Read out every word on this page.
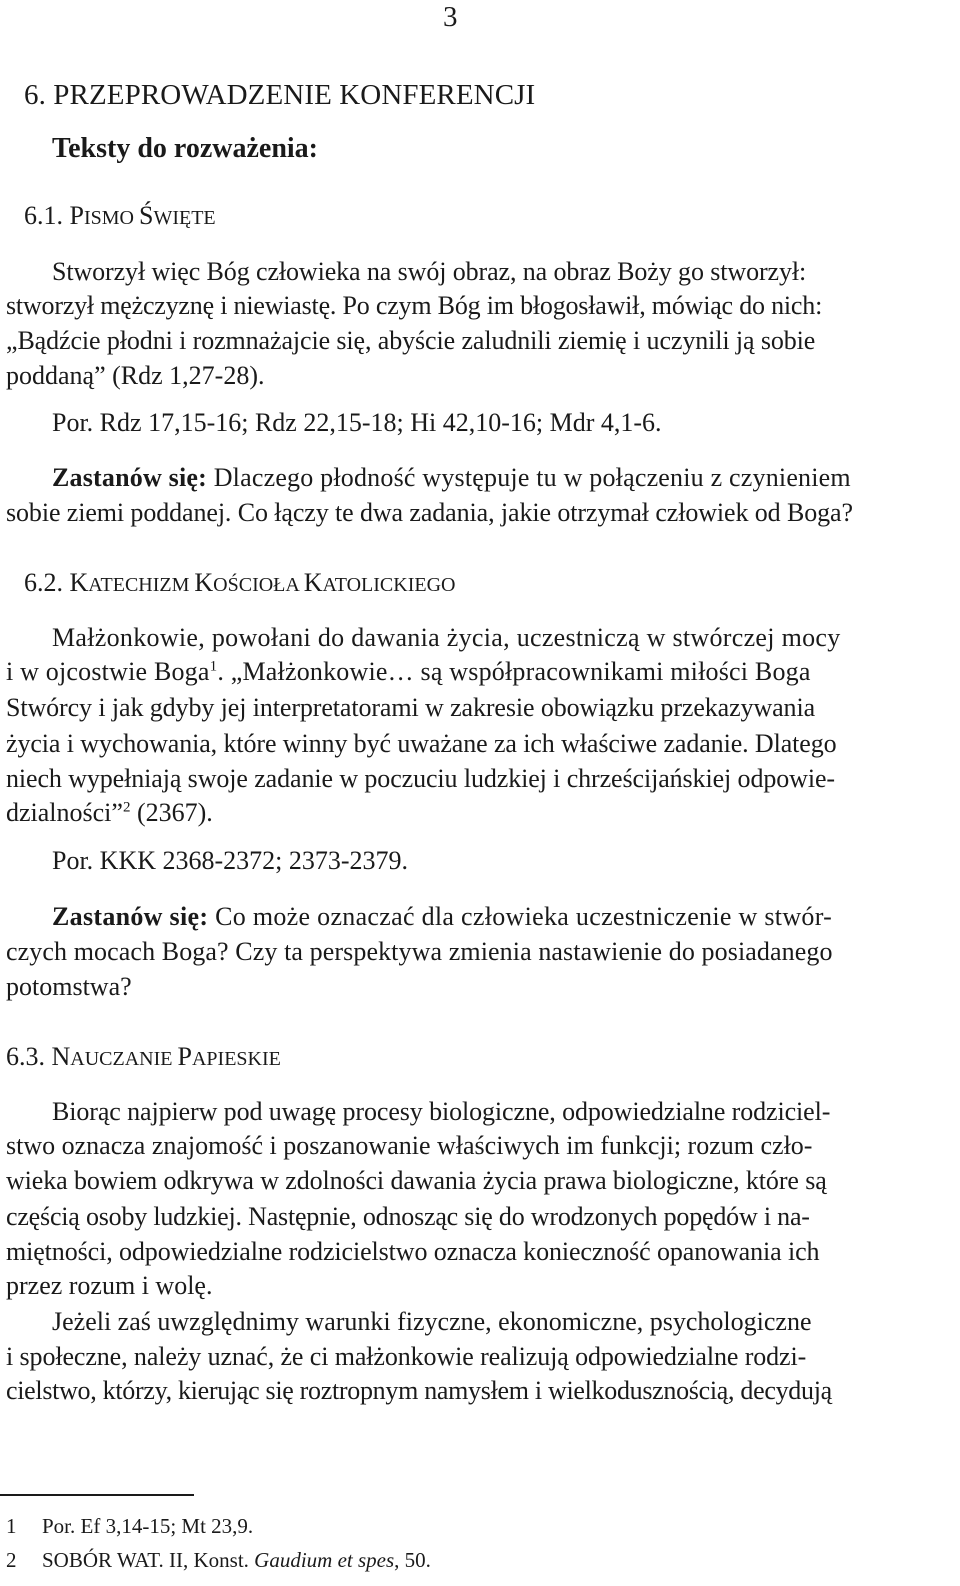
3
6. PRZEPROWADZENIE KONFERENCJI
Teksty do rozważenia:
6.1. PISMO ŚWIĘTE
Stworzył więc Bóg człowieka na swój obraz, na obraz Boży go stworzył:
stworzył mężczyznę i niewiastę. Po czym Bóg im błogosławił, mówiąc do nich:
„Bądźcie płodni i rozmnażajcie się, abyście zaludnili ziemię i uczynili ją sobie
poddaną” (Rdz 1,27-28).
Por. Rdz 17,15-16; Rdz 22,15-18; Hi 42,10-16; Mdr 4,1-6.
Zastanów się: Dlaczego płodność występuje tu w połączeniu z czynieniem
sobie ziemi poddanej. Co łączy te dwa zadania, jakie otrzymał człowiek od Boga?
6.2. KATECHIZM KOŚCIOŁA KATOLICKIEGO
Małżonkowie, powołani do dawania życia, uczestniczą w stwórczej mocy
i w ojcostwie Boga$^1$. „Małżonkowie… są współpracownikami miłości Boga
Stwórcy i jak gdyby jej interpretatorami w zakresie obowiązku przekazywania
życia i wychowania, które winny być uważane za ich właściwe zadanie. Dlatego
niech wypełniają swoje zadanie w poczuciu ludzkiej i chrześcijańskiej odpowie-
dzialności”$^2$ (2367).
Por. KKK 2368-2372; 2373-2379.
Zastanów się: Co może oznaczać dla człowieka uczestniczenie w stwór-
czych mocach Boga? Czy ta perspektywa zmienia nastawienie do posiadanego
potomstwa?
6.3. NAUCZANIE PAPIESKIE
Biorąc najpierw pod uwagę procesy biologiczne, odpowiedzialne rodziciel-
stwo oznacza znajomość i poszanowanie właściwych im funkcji; rozum czło-
wieka bowiem odkrywa w zdolności dawania życia prawa biologiczne, które są
częścią osoby ludzkiej. Następnie, odnosząc się do wrodzonych popędów i na-
miętności, odpowiedzialne rodzicielstwo oznacza konieczność opanowania ich
przez rozum i wolę.
Jeżeli zaś uwzględnimy warunki fizyczne, ekonomiczne, psychologiczne
i społeczne, należy uznać, że ci małżonkowie realizują odpowiedzialne rodzi-
cielstwo, którzy, kierując się roztropnym namysłem i wielkodusznością, decydują
1 Por. Ef 3,14-15; Mt 23,9.
2 SOBÓR WAT. II, Konst. Gaudium et spes, 50.
